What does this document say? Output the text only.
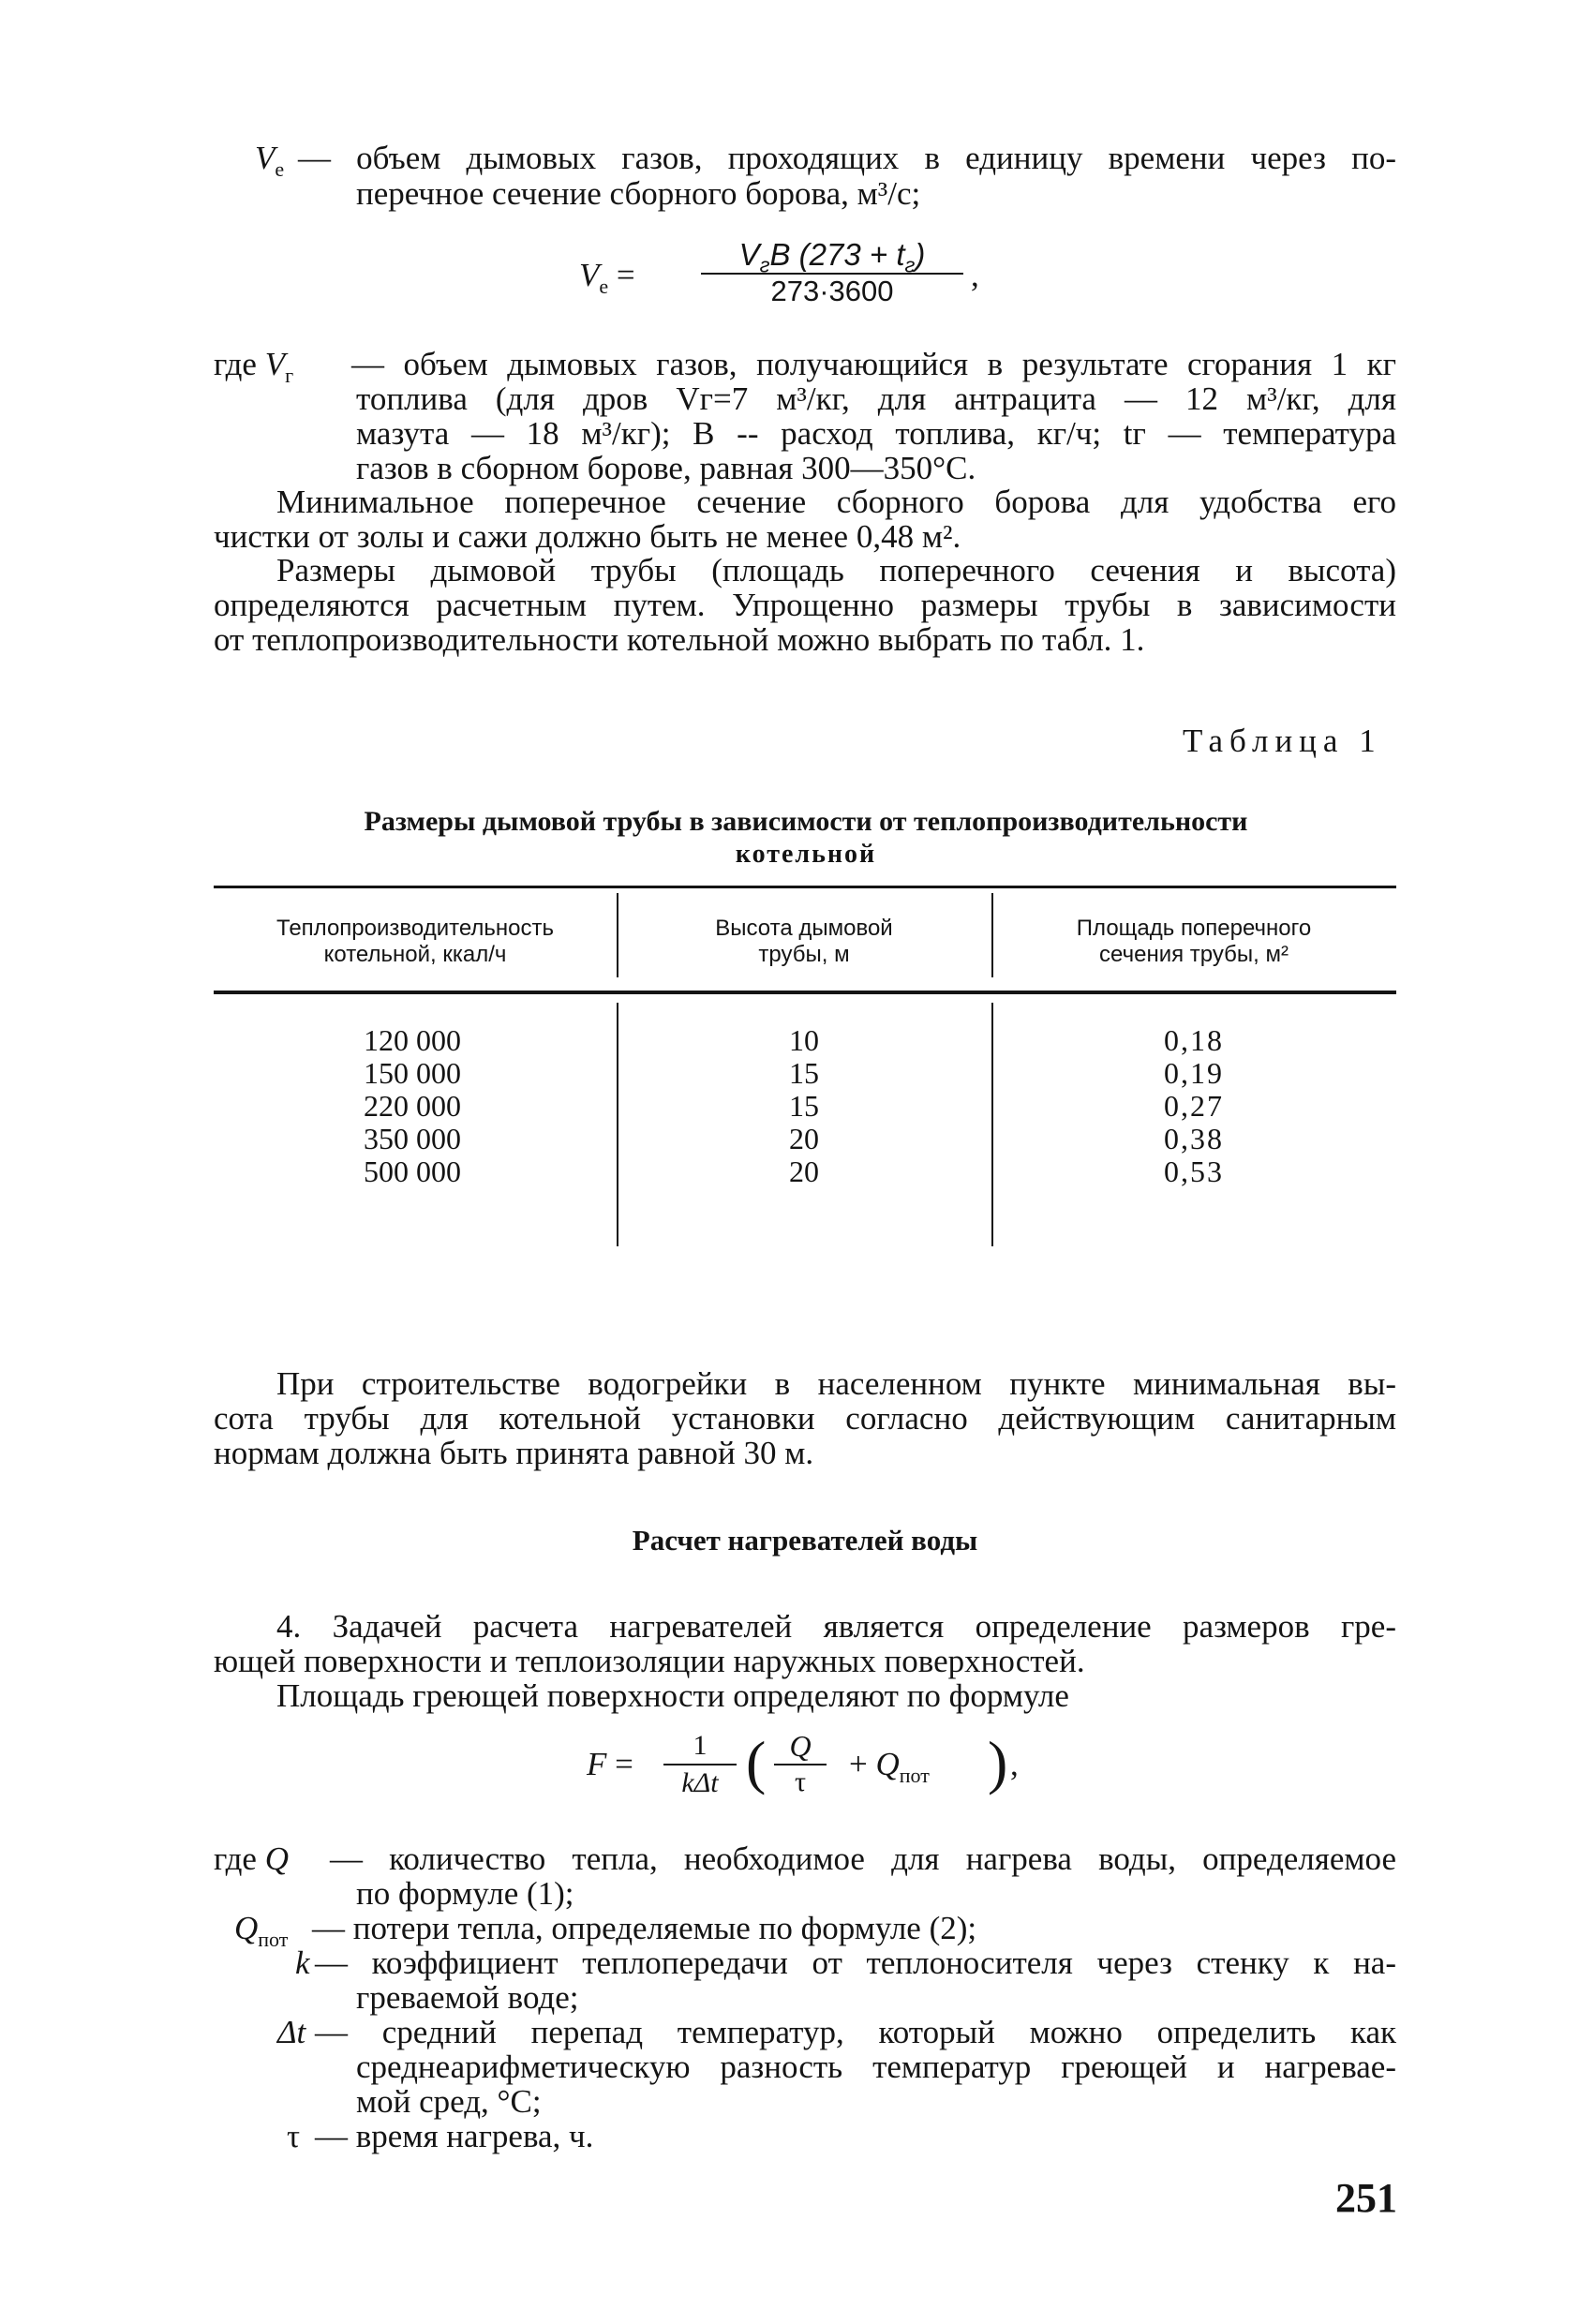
$V_e$ — объем дымовых газов, проходящих в единицу времени через по-
перечное сечение сборного борова, м³/с;
$V_e$ =
$V_гB$ $(273 + t_г)$
273·3600	,
где $V_г$ — объем дымовых газов, получающийся в результате сгорания 1 кг
топлива (для дров Vг=7 м³/кг, для антрацита — 12 м³/кг, для
мазута — 18 м³/кг); B -- расход топлива, кг/ч; tг — температура
газов в сборном борове, равная 300—350°С.
Минимальное поперечное сечение сборного борова для удобства его
чистки от золы и сажи должно быть не менее 0,48 м².
Размеры дымовой трубы (площадь поперечного сечения и высота)
определяются расчетным путем. Упрощенно размеры трубы в зависимости
от теплопроизводительности котельной можно выбрать по табл. 1.
Таблица 1
Размеры дымовой трубы в зависимости от теплопроизводительности
котельной
Теплопроизводительность
котельной, ккал/ч
Высота дымовой
трубы, м
Площадь поперечного
сечения трубы, м²
120 000
150 000
220 000
350 000
500 000
10
15
15
20
20
0,18
0,19
0,27
0,38
0,53
При строительстве водогрейки в населенном пункте минимальная вы-
сота трубы для котельной установки согласно действующим санитарным
нормам должна быть принята равной 30 м.
Расчет нагревателей воды
4. Задачей расчета нагревателей является определение размеров гре-
ющей поверхности и теплоизоляции наружных поверхностей.
Площадь греющей поверхности определяют по формуле
F =
1
kΔt ( Q
τ	+ $Q_{пот}$ ) ,
где Q — количество тепла, необходимое для нагрева воды, определяемое
по формуле (1);
$Q_{пот}$ — потери тепла, определяемые по формуле (2);
k — коэффициент теплопередачи от теплоносителя через стенку к на-
греваемой воде;
Δt — средний перепад температур, который можно определить как
среднеарифметическую разность температур греющей и нагревае-
мой сред, °С;
τ — время нагрева, ч.
251
